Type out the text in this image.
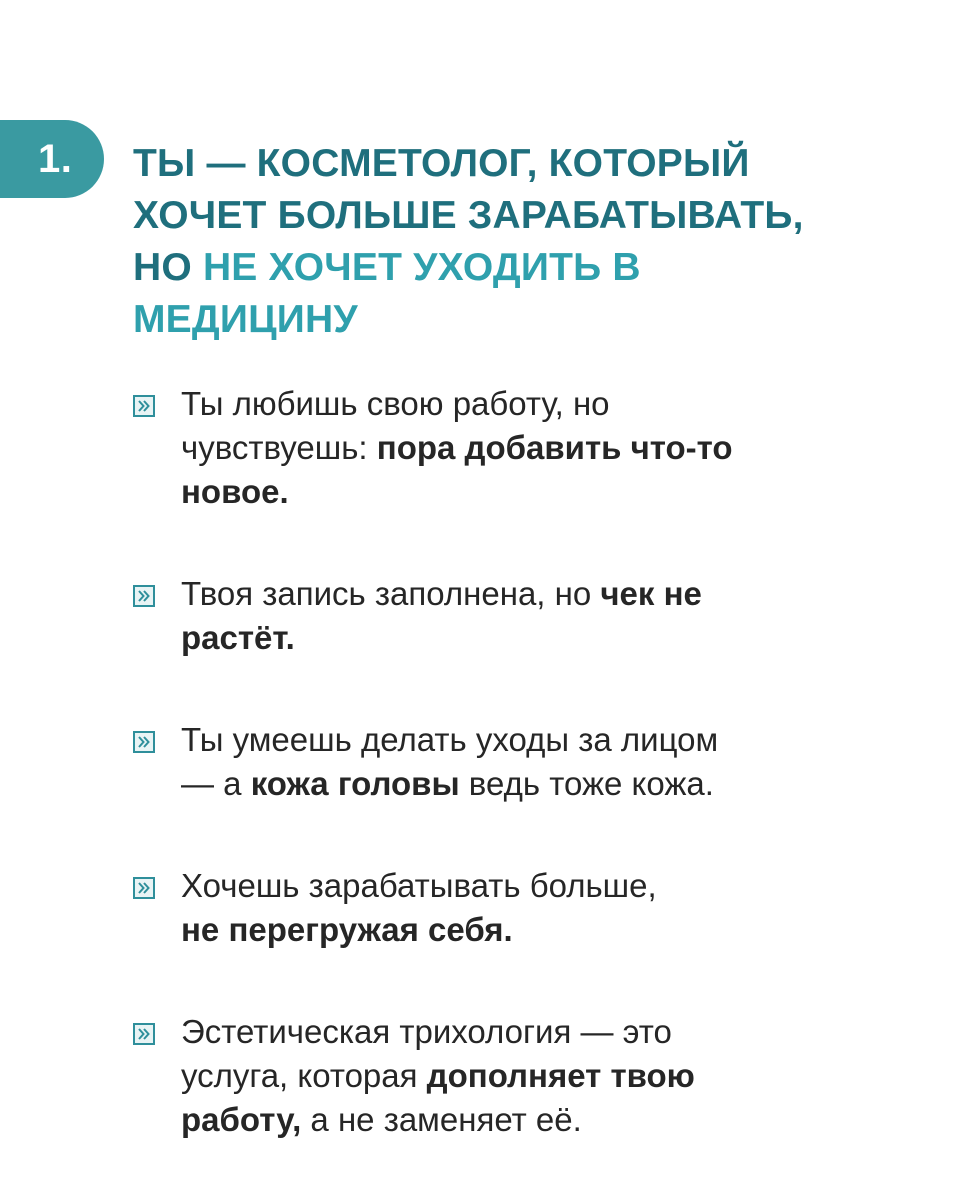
1. ТЫ — КОСМЕТОЛОГ, КОТОРЫЙ
ХОЧЕТ БОЛЬШЕ ЗАРАБАТЫВАТЬ,
НО НЕ ХОЧЕТ УХОДИТЬ В
МЕДИЦИНУ
Ты любишь свою работу, но
чувствуешь: пора добавить что-то
новое.
Твоя запись заполнена, но чек не
растёт.
Ты умеешь делать уходы за лицом
— а кожа головы ведь тоже кожа.
Хочешь зарабатывать больше,
не перегружая себя.
Эстетическая трихология — это
услуга, которая дополняет твою
работу, а не заменяет её.
